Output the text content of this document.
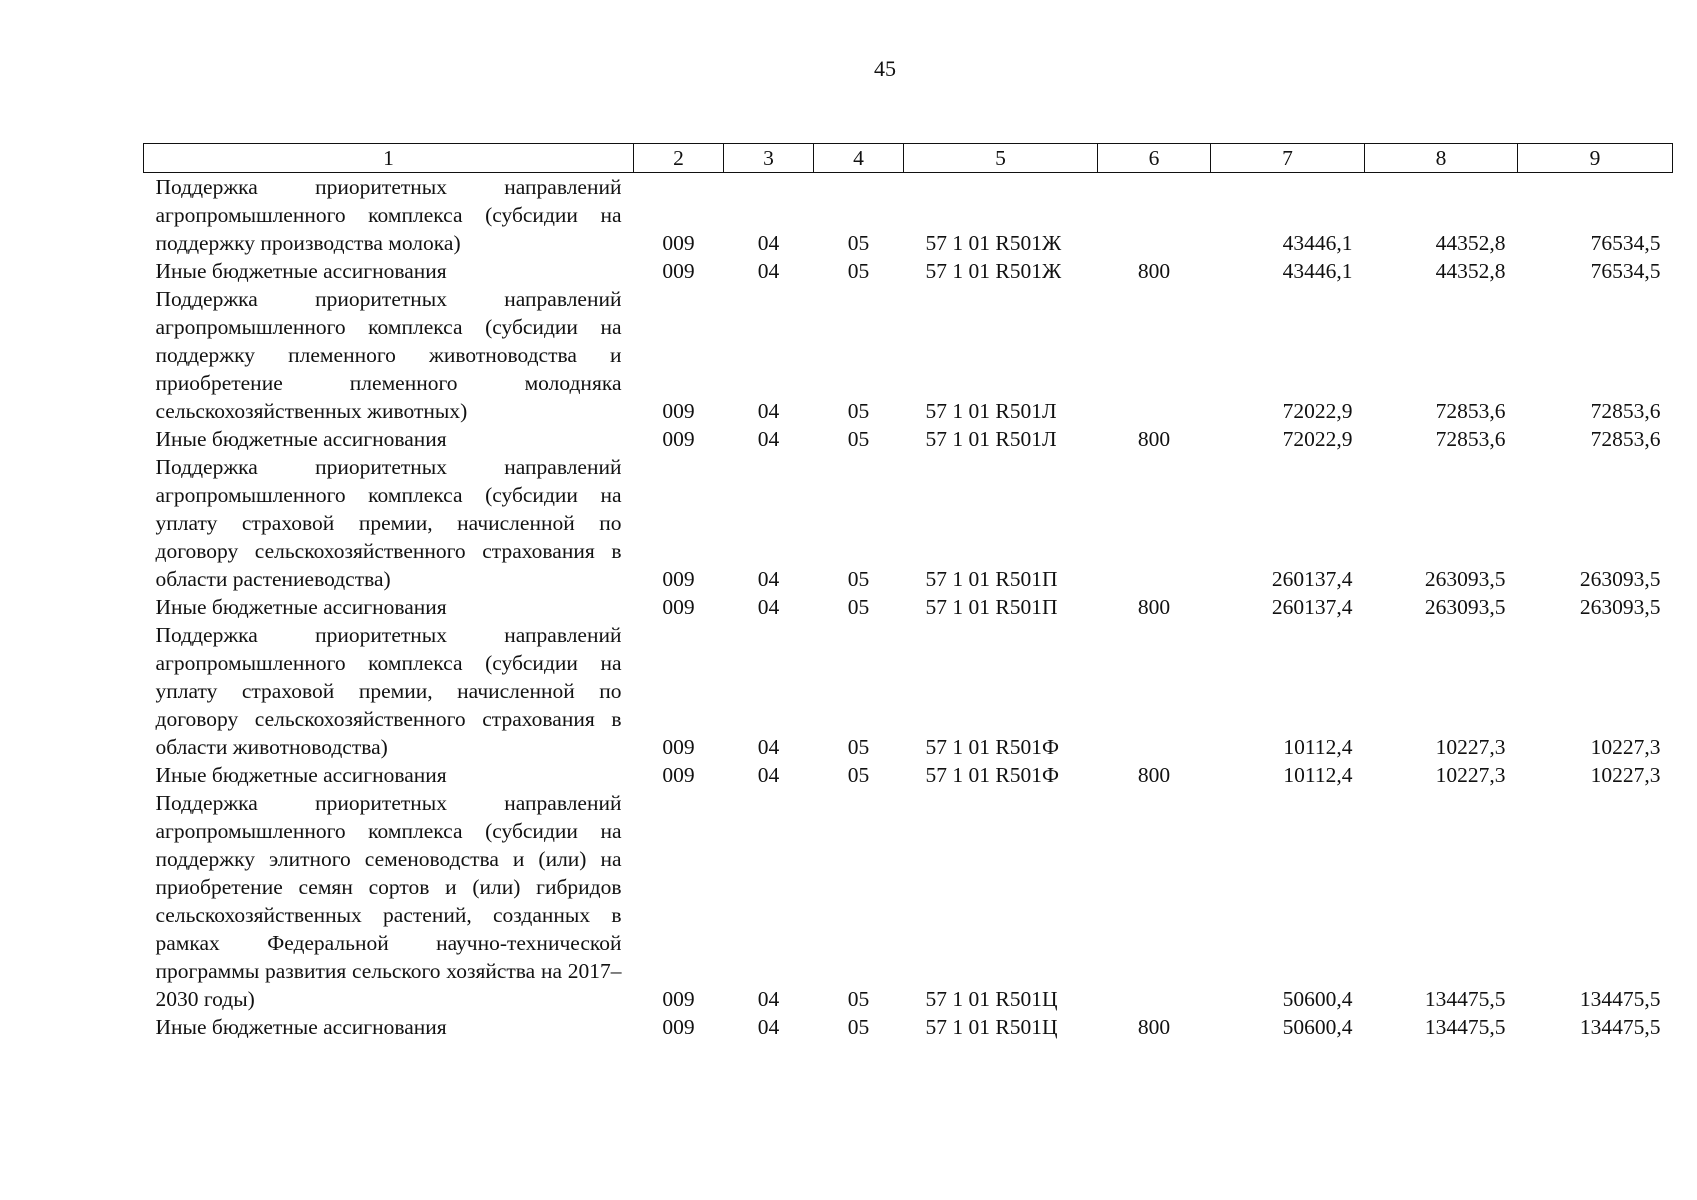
45
1	2	3	4	5	6	7	8	9
Поддержка приоритетных направлений агропромышленного комплекса (субсидии на поддержку производства молока)	009	04	05	57 1 01 R501Ж		43446,1	44352,8	76534,5
Иные бюджетные ассигнования	009	04	05	57 1 01 R501Ж	800	43446,1	44352,8	76534,5
Поддержка приоритетных направлений агропромышленного комплекса (субсидии на поддержку племенного животноводства и приобретение племенного молодняка сельскохозяйственных животных)	009	04	05	57 1 01 R501Л		72022,9	72853,6	72853,6
Иные бюджетные ассигнования	009	04	05	57 1 01 R501Л	800	72022,9	72853,6	72853,6
Поддержка приоритетных направлений агропромышленного комплекса (субсидии на уплату страховой премии, начисленной по договору сельскохозяйственного страхования в области растениеводства)	009	04	05	57 1 01 R501П		260137,4	263093,5	263093,5
Иные бюджетные ассигнования	009	04	05	57 1 01 R501П	800	260137,4	263093,5	263093,5
Поддержка приоритетных направлений агропромышленного комплекса (субсидии на уплату страховой премии, начисленной по договору сельскохозяйственного страхования в области животноводства)	009	04	05	57 1 01 R501Ф		10112,4	10227,3	10227,3
Иные бюджетные ассигнования	009	04	05	57 1 01 R501Ф	800	10112,4	10227,3	10227,3
Поддержка приоритетных направлений агропромышленного комплекса (субсидии на поддержку элитного семеноводства и (или) на приобретение семян сортов и (или) гибридов сельскохозяйственных растений, созданных в рамках Федеральной научно-технической программы развития сельского хозяйства на 2017–2030 годы)	009	04	05	57 1 01 R501Ц		50600,4	134475,5	134475,5
Иные бюджетные ассигнования	009	04	05	57 1 01 R501Ц	800	50600,4	134475,5	134475,5
